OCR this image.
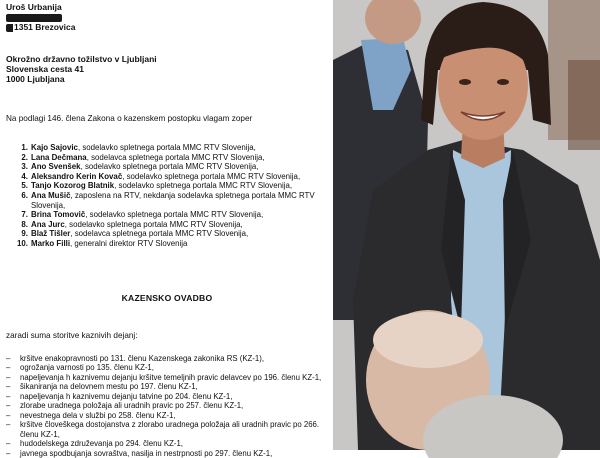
Uroš Urbanija
1351 Brezovica
Okrožno državno tožilstvo v Ljubljani
Slovenska cesta 41
1000 Ljubljana
Na podlagi 146. člena Zakona o kazenskem postopku vlagam zoper
1. Kajo Sajovic, sodelavko spletnega portala MMC RTV Slovenija,
2. Lana Dečmana, sodelavca spletnega portala MMC RTV Slovenija,
3. Ano Svenšek, sodelavko spletnega portala MMC RTV Slovenija,
4. Aleksandro Kerin Kovač, sodelavko spletnega portala MMC RTV Slovenija,
5. Tanjo Kozorog Blatnik, sodelavko spletnega portala MMC RTV Slovenija,
6. Ana Mušič, zaposlena na RTV, nekdanja sodelavka spletnega portala MMC RTV Slovenija,
7. Brina Tomovič, sodelavko spletnega portala MMC RTV Slovenija,
8. Ana Jurc, sodelavko spletnega portala MMC RTV Slovenija,
9. Blaž Tišler, sodelavca spletnega portala MMC RTV Slovenija,
10. Marko Filli, generalni direktor RTV Slovenija
KAZENSKO OVADBO
zaradi suma storitve kaznivih dejanj:
–	kršitve enakopravnosti po 131. členu Kazenskega zakonika RS (KZ-1),
–	ogrožanja varnosti po 135. členu KZ-1,
–	napeljevanja h kaznivemu dejanju kršitve temeljnih pravic delavcev po 196. členu KZ-1,
–	šikaniranja na delovnem mestu po 197. členu KZ-1,
–	napeljevanja h kaznivemu dejanju tatvine po 204. členu KZ-1,
–	zlorabe uradnega položaja ali uradnih pravic po 257. členu KZ-1,
–	nevestnega dela v službi po 258. členu KZ-1,
–	kršitve človeškega dostojanstva z zlorabo uradnega položaja ali uradnih pravic po 266. členu KZ-1,
–	hudodelskega združevanja po 294. členu KZ-1,
–	javnega spodbujanja sovraštva, nasilja in nestrpnosti po 297. členu KZ-1,
